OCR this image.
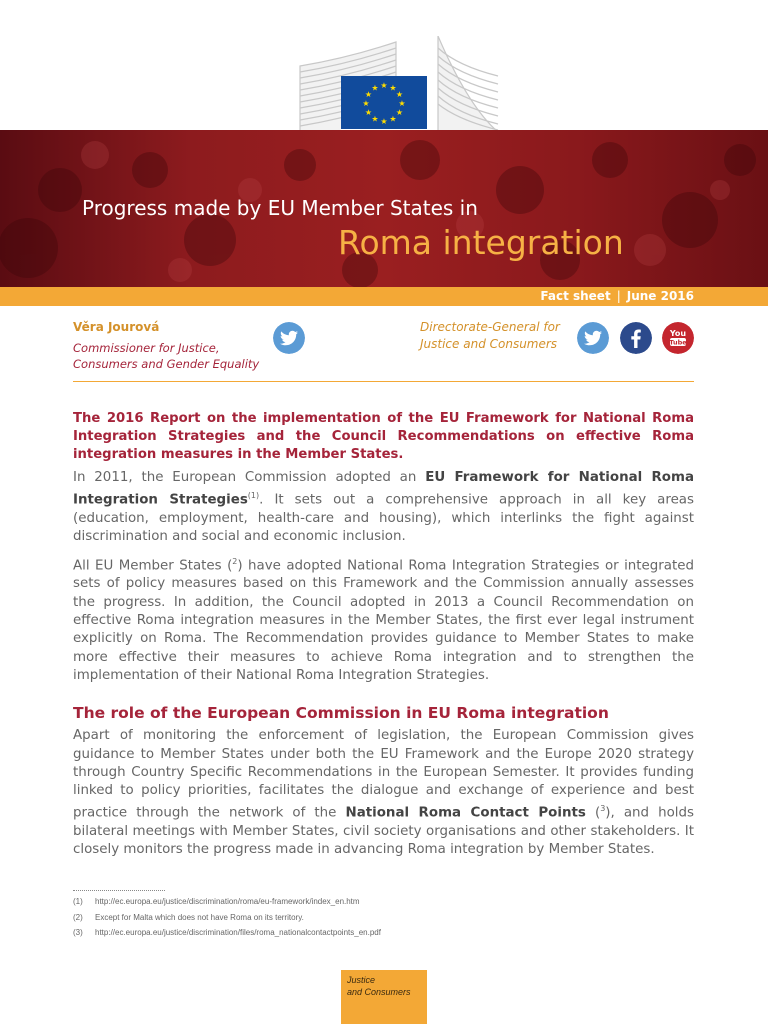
★ ★
★
★
★
★
★
★
★
★
★
★
Progress made by EU Member States in
Roma integration
Fact sheet | June 2016
Věra Jourová
Commissioner for Justice,
Consumers and Gender Equality
Directorate-General for
Justice and Consumers
You
Tube

The 2016 Report on the implementation of the EU Framework for National Roma Integration Strategies and the Council Recommendations on effective Roma integration measures in the Member States.

In 2011, the European Commission adopted an EU Framework for National Roma Integration Strategies$^{(1)}$. It sets out a comprehensive approach in all key areas (education, employment, health-care and housing), which interlinks the fight against discrimination and social and economic inclusion.

All EU Member States ($^2$) have adopted National Roma Integration Strategies or integrated sets of policy measures based on this Framework and the Commission annually assesses the progress. In addition, the Council adopted in 2013 a Council Recommendation on effective Roma integration measures in the Member States, the first ever legal instrument explicitly on Roma. The Recommendation provides guidance to Member States to make more effective their measures to achieve Roma integration and to strengthen the implementation of their National Roma Integration Strategies.

The role of the European Commission in EU Roma integration

Apart of monitoring the enforcement of legislation, the European Commission gives guidance to Member States under both the EU Framework and the Europe 2020 strategy through Country Specific Recommendations in the European Semester. It provides funding linked to policy priorities, facilitates the dialogue and exchange of experience and best practice through the network of the National Roma Contact Points ($^3$), and holds bilateral meetings with Member States, civil society organisations and other stakeholders. It closely monitors the progress made in advancing Roma integration by Member States.

(1) http://ec.europa.eu/justice/discrimination/roma/eu-framework/index_en.htm
(2) Except for Malta which does not have Roma on its territory.
(3) http://ec.europa.eu/justice/discrimination/files/roma_nationalcontactpoints_en.pdf
Justice
and Consumers
